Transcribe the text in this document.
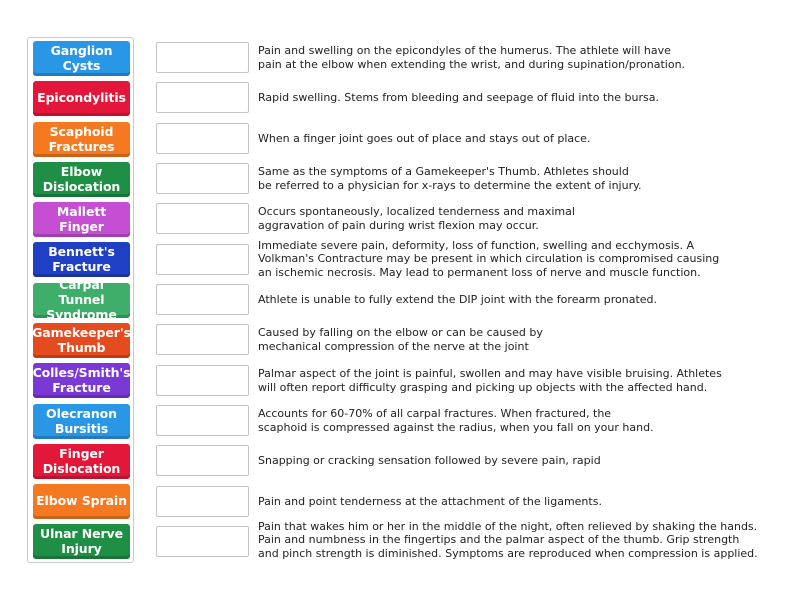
Ganglion Cysts
Epicondylitis
Scaphoid Fractures
Elbow Dislocation
Mallett Finger
Bennett's Fracture
Carpal Tunnel Syndrome
Gamekeeper's Thumb
Colles/Smith's Fracture
Olecranon Bursitis
Finger Dislocation
Elbow Sprain
Ulnar Nerve Injury
Pain and swelling on the epicondyles of the humerus. The athlete will have
pain at the elbow when extending the wrist, and during supination/pronation.
Rapid swelling. Stems from bleeding and seepage of fluid into the bursa.
When a finger joint goes out of place and stays out of place.
Same as the symptoms of a Gamekeeper's Thumb. Athletes should
be referred to a physician for x-rays to determine the extent of injury.
Occurs spontaneously, localized tenderness and maximal
aggravation of pain during wrist flexion may occur.
Immediate severe pain, deformity, loss of function, swelling and ecchymosis. A
Volkman's Contracture may be present in which circulation is compromised causing
an ischemic necrosis. May lead to permanent loss of nerve and muscle function.
Athlete is unable to fully extend the DIP joint with the forearm pronated.
Caused by falling on the elbow or can be caused by
mechanical compression of the nerve at the joint
Palmar aspect of the joint is painful, swollen and may have visible bruising. Athletes
will often report difficulty grasping and picking up objects with the affected hand.
Accounts for 60-70% of all carpal fractures. When fractured, the
scaphoid is compressed against the radius, when you fall on your hand.
Snapping or cracking sensation followed by severe pain, rapid
Pain and point tenderness at the attachment of the ligaments.
Pain that wakes him or her in the middle of the night, often relieved by shaking the hands.
Pain and numbness in the fingertips and the palmar aspect of the thumb. Grip strength
and pinch strength is diminished. Symptoms are reproduced when compression is applied.
